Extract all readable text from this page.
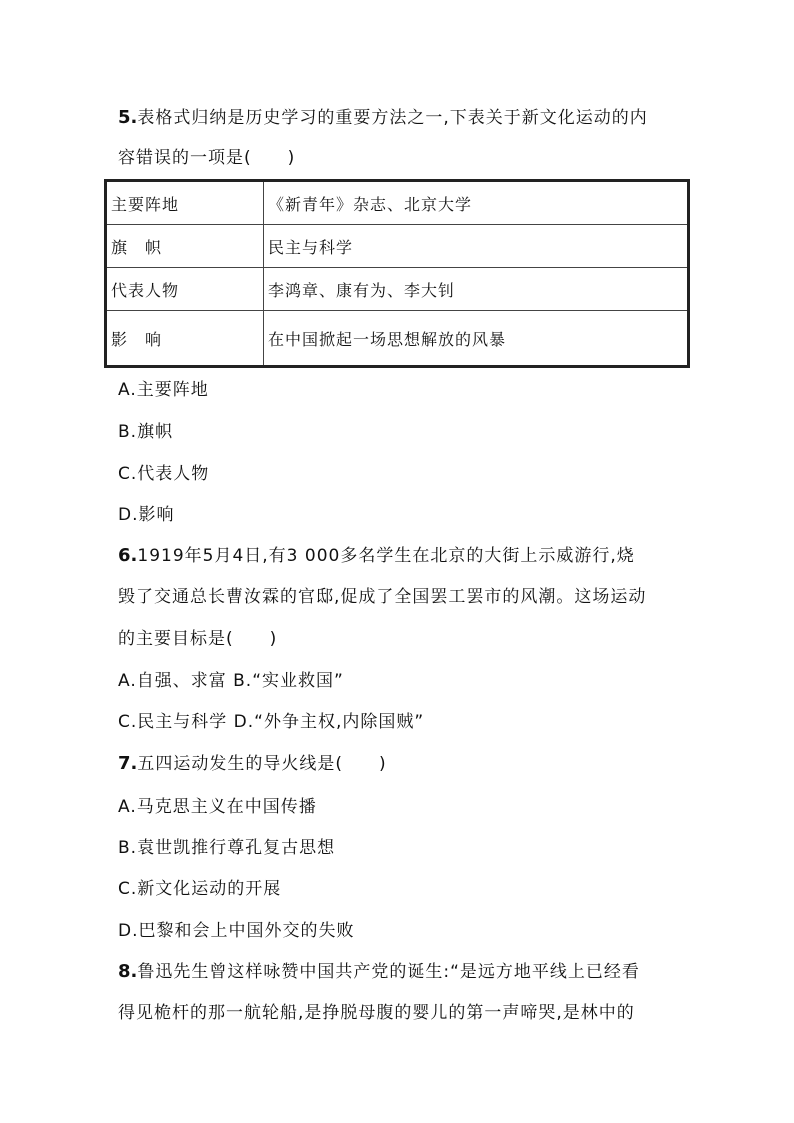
5.表格式归纳是历史学习的重要方法之一,下表关于新文化运动的内
容错误的一项是(　　)
主要阵地	《新青年》杂志、北京大学
旗　帜	民主与科学
代表人物	李鸿章、康有为、李大钊
影　响	在中国掀起一场思想解放的风暴
A.主要阵地
B.旗帜
C.代表人物
D.影响
6.1919年5月4日,有3 000多名学生在北京的大街上示威游行,烧
毁了交通总长曹汝霖的官邸,促成了全国罢工罢市的风潮。这场运动
的主要目标是(　　)
A.自强、求富 B.“实业救国”
C.民主与科学 D.“外争主权,内除国贼”
7.五四运动发生的导火线是(　　)
A.马克思主义在中国传播
B.袁世凯推行尊孔复古思想
C.新文化运动的开展
D.巴黎和会上中国外交的失败
8.鲁迅先生曾这样咏赞中国共产党的诞生:“是远方地平线上已经看
得见桅杆的那一航轮船,是挣脱母腹的婴儿的第一声啼哭,是林中的
